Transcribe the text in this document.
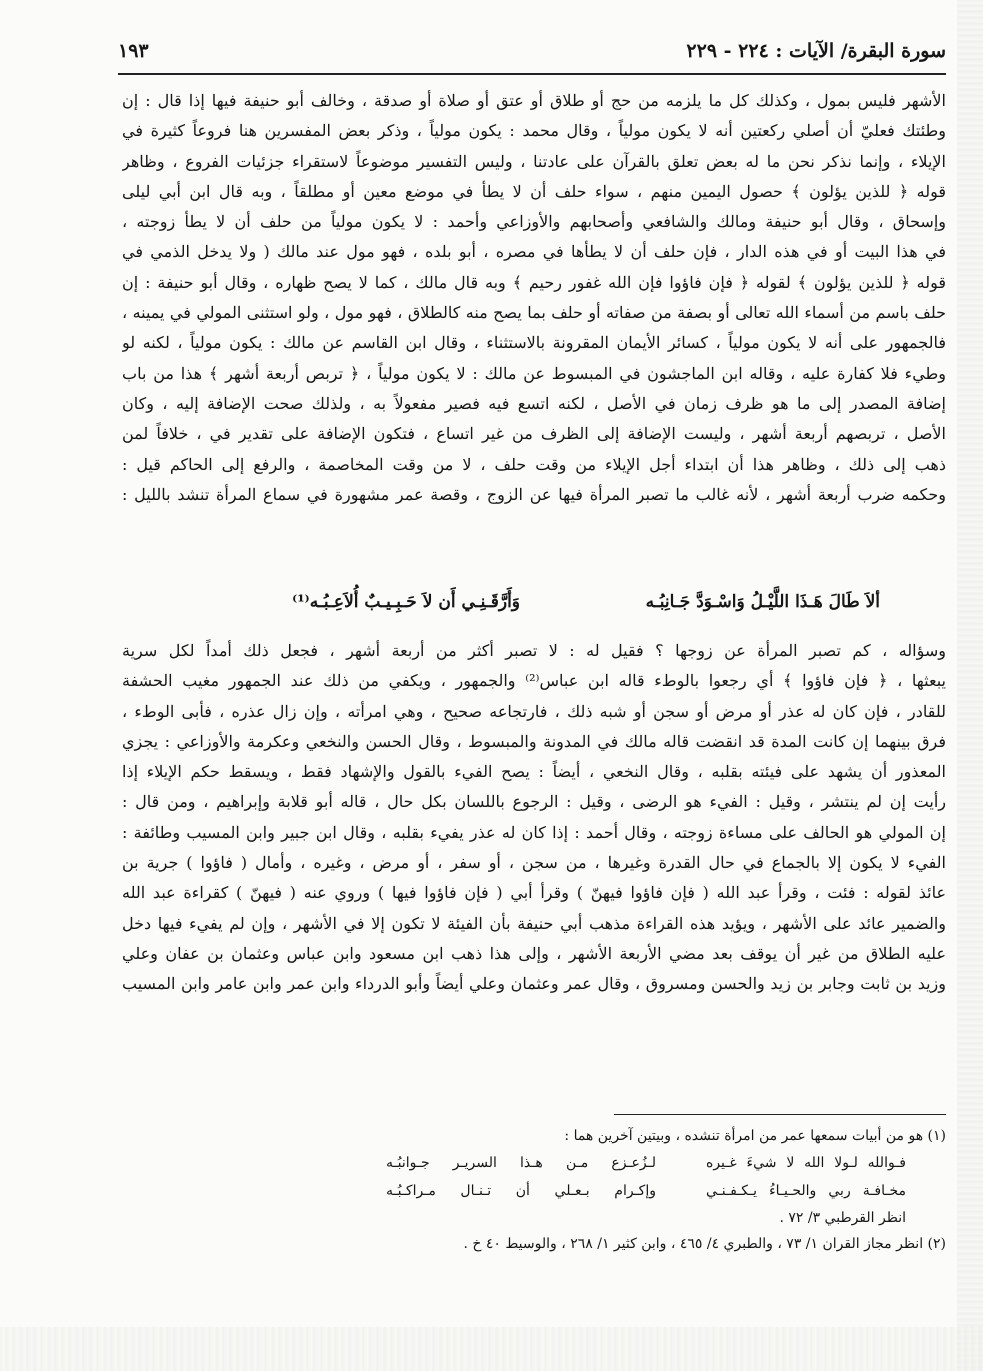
سورة البقرة/ الآيات : ٢٢٤ - ٢٢٩
١٩٣
الأشهر فليس بمول ، وكذلك كل ما يلزمه من حج أو طلاق أو عتق أو صلاة أو صدقة ، وخالف أبو حنيفة فيها إذا قال : إن
وطئتك فعليّ أن أصلي ركعتين أنه لا يكون مولياً ، وقال محمد : يكون مولياً ، وذكر بعض المفسرين هنا فروعاً كثيرة في
الإيلاء ، وإنما نذكر نحن ما له بعض تعلق بالقرآن على عادتنا ، وليس التفسير موضوعاً لاستقراء جزئيات الفروع ، وظاهر
قوله ﴿ للذين يؤلون ﴾ حصول اليمين منهم ، سواء حلف أن لا يطأ في موضع معين أو مطلقاً ، وبه قال ابن أبي ليلى
وإسحاق ، وقال أبو حنيفة ومالك والشافعي وأصحابهم والأوزاعي وأحمد : لا يكون مولياً من حلف أن لا يطأ زوجته ،
في هذا البيت أو في هذه الدار ، فإن حلف أن لا يطأها في مصره ، أبو بلده ، فهو مول عند مالك ( ولا يدخل الذمي في
قوله ﴿ للذين يؤلون ﴾ لقوله ﴿ فإن فاؤوا فإن الله غفور رحيم ﴾ وبه قال مالك ، كما لا يصح ظهاره ، وقال أبو حنيفة : إن
حلف باسم من أسماء الله تعالى أو بصفة من صفاته أو حلف بما يصح منه كالطلاق ، فهو مول ، ولو استثنى المولي في يمينه ،
فالجمهور على أنه لا يكون مولياً ، كسائر الأيمان المقرونة بالاستثناء ، وقال ابن القاسم عن مالك : يكون مولياً ، لكنه لو
وطيء فلا كفارة عليه ، وقاله ابن الماجشون في المبسوط عن مالك : لا يكون مولياً ، ﴿ تربص أربعة أشهر ﴾ هذا من باب
إضافة المصدر إلى ما هو ظرف زمان في الأصل ، لكنه اتسع فيه فصير مفعولاً به ، ولذلك صحت الإضافة إليه ، وكان
الأصل ، تربصهم أربعة أشهر ، وليست الإضافة إلى الظرف من غير اتساع ، فتكون الإضافة على تقدير في ، خلافاً لمن
ذهب إلى ذلك ، وظاهر هذا أن ابتداء أجل الإيلاء من وقت حلف ، لا من وقت المخاصمة ، والرفع إلى الحاكم قيل :
وحكمه ضرب أربعة أشهر ، لأنه غالب ما تصبر المرأة فيها عن الزوج ، وقصة عمر مشهورة في سماع المرأة تنشد بالليل :
ألاَ طَالَ هَـذَا اللَّيْـلُ وَاسْـوَدَّ جَـانِبُـه
وَأَرَّقَـنِـي أَن لاَ حَـبِـيـبٌ أُلاَعِـبُـه⁽¹⁾
وسؤاله ، كم تصبر المرأة عن زوجها ؟ فقيل له : لا تصبر أكثر من أربعة أشهر ، فجعل ذلك أمداً لكل سرية
يبعثها ، ﴿ فإن فاؤوا ﴾ أي رجعوا بالوطء قاله ابن عباس⁽²⁾ والجمهور ، ويكفي من ذلك عند الجمهور مغيب الحشفة
للقادر ، فإن كان له عذر أو مرض أو سجن أو شبه ذلك ، فارتجاعه صحيح ، وهي امرأته ، وإن زال عذره ، فأبى الوطء ،
فرق بينهما إن كانت المدة قد انقضت قاله مالك في المدونة والمبسوط ، وقال الحسن والنخعي وعكرمة والأوزاعي : يجزي
المعذور أن يشهد على فيئته بقلبه ، وقال النخعي ، أيضاً : يصح الفيء بالقول والإشهاد فقط ، ويسقط حكم الإيلاء إذا
رأيت إن لم ينتشر ، وقيل : الفيء هو الرضى ، وقيل : الرجوع باللسان بكل حال ، قاله أبو قلابة وإبراهيم ، ومن قال :
إن المولي هو الحالف على مساءة زوجته ، وقال أحمد : إذا كان له عذر يفيء بقلبه ، وقال ابن جبير وابن المسيب وطائفة :
الفيء لا يكون إلا بالجماع في حال القدرة وغيرها ، من سجن ، أو سفر ، أو مرض ، وغيره ، وأمال ( فاؤوا ) جرية بن
عائذ لقوله : فئت ، وقرأ عبد الله ( فإن فاؤوا فيهنّ ) وقرأ أبي ( فإن فاؤوا فيها ) وروي عنه ( فيهنّ ) كقراءة عبد الله
والضمير عائد على الأشهر ، ويؤيد هذه القراءة مذهب أبي حنيفة بأن الفيئة لا تكون إلا في الأشهر ، وإن لم يفيء فيها دخل
عليه الطلاق من غير أن يوقف بعد مضي الأربعة الأشهر ، وإلى هذا ذهب ابن مسعود وابن عباس وعثمان بن عفان وعلي
وزيد بن ثابت وجابر بن زيد والحسن ومسروق ، وقال عمر وعثمان وعلي أيضاً وأبو الدرداء وابن عمر وابن عامر وابن المسيب
(١) هو من أبيات سمعها عمر من امرأة تنشده ، وبيتين آخرين هما :
فـوالله لـولا الله لا شيءَ غـيره
لـزُعـزع مـن هـذا السريـر جـوانبُـه
مخـافـة ربي والحـيـاءُ يـكـفـنـي
وإكـرام بـعـلي أن تـنـال مـراكـبُـه
انظر القرطبي ٣/ ٧٢ .
(٢) انظر مجاز القران ١/ ٧٣ ، والطبري ٤/ ٤٦٥ ، وابن كثير ١/ ٢٦٨ ، والوسيط ٤٠ خ .
